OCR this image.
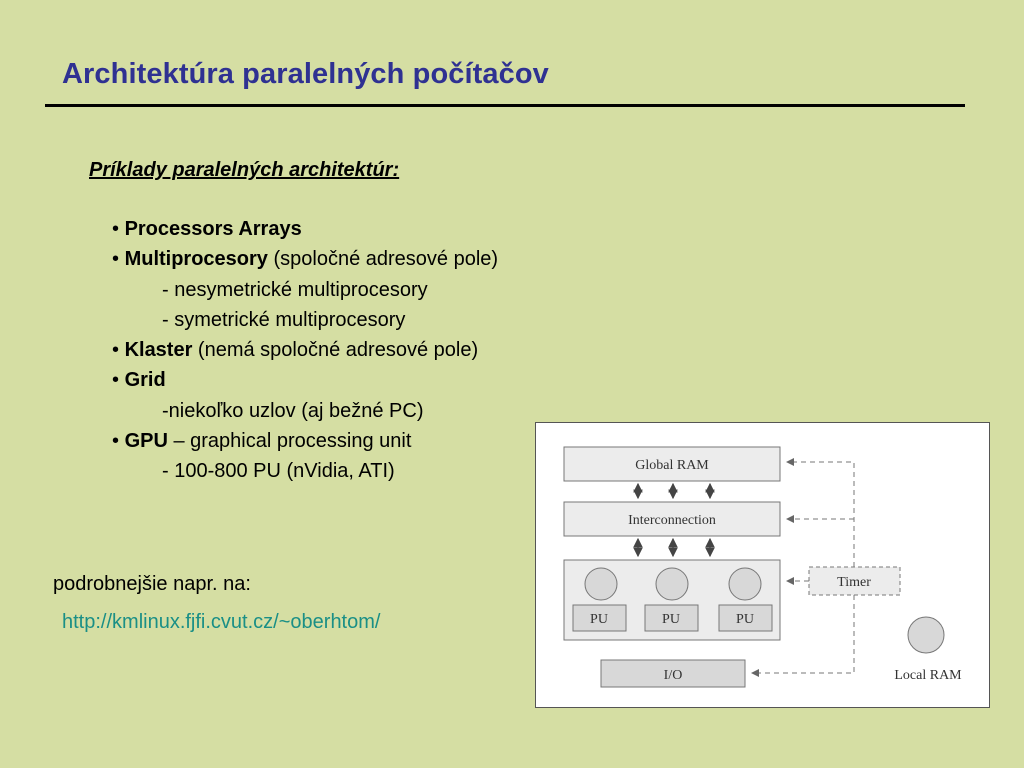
Architektúra paralelných počítačov
Príklady paralelných architektúr:
• Processors Arrays
• Multiprocesory (spoločné adresové pole)
- nesymetrické multiprocesory
- symetrické multiprocesory
• Klaster (nemá spoločné adresové pole)
• Grid
-niekoľko uzlov (aj bežné PC)
• GPU – graphical processing unit
- 100-800 PU (nVidia, ATI)
podrobnejšie napr. na:
http://kmlinux.fjfi.cvut.cz/~oberhtom/
Global RAM
Interconnection
PU	PU	PU
I/O
Timer
Local RAM
